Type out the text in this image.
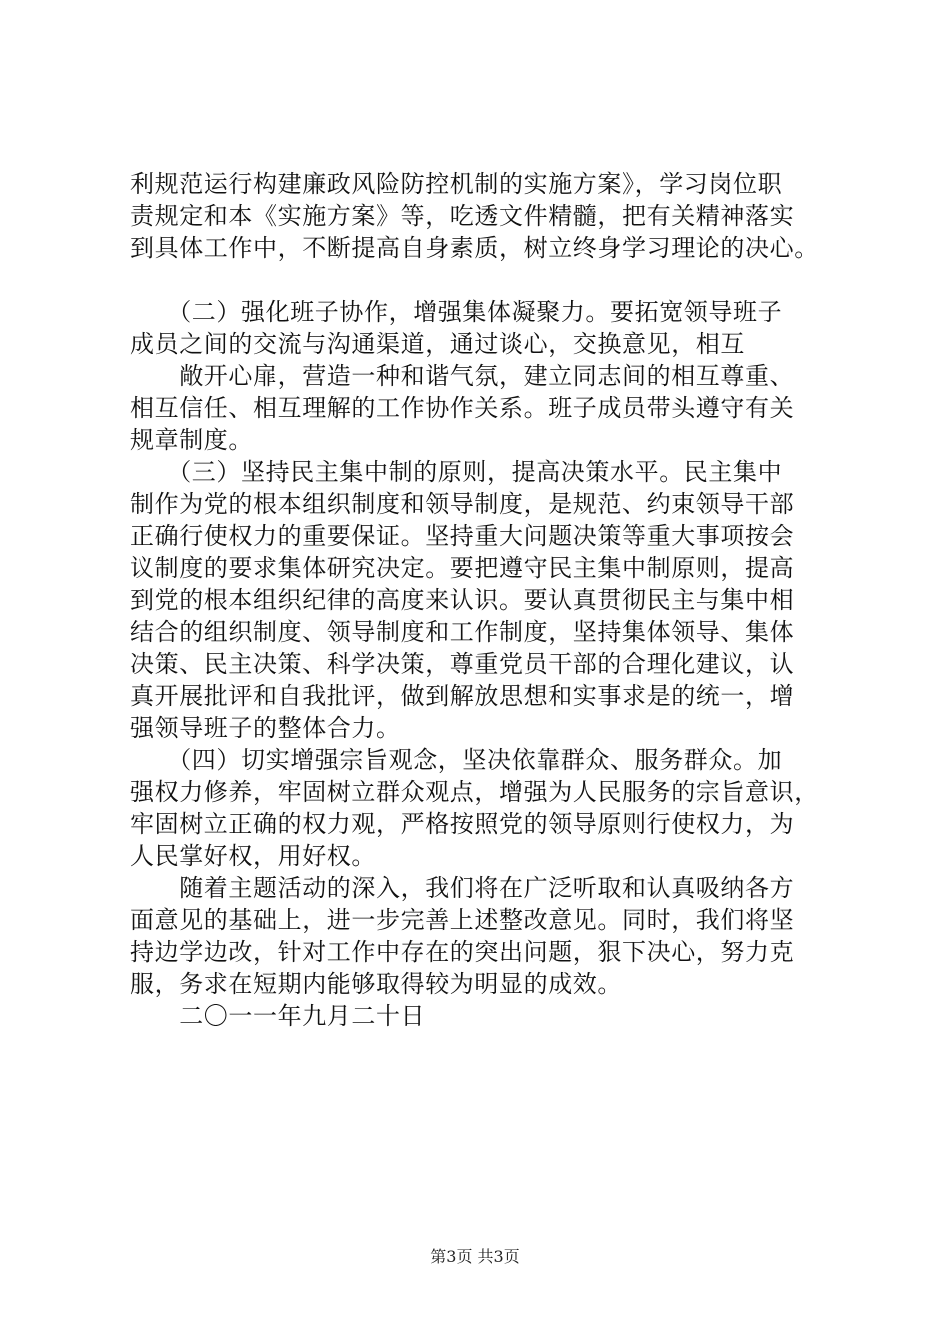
利规范运行构建廉政风险防控机制的实施方案》，学习岗位职
责规定和本《实施方案》等，吃透文件精髓，把有关精神落实
到具体工作中，不断提高自身素质，树立终身学习理论的决心。
　　（二）强化班子协作，增强集体凝聚力。要拓宽领导班子
成员之间的交流与沟通渠道，通过谈心，交换意见，相互
　　敞开心扉，营造一种和谐气氛，建立同志间的相互尊重、
相互信任、相互理解的工作协作关系。班子成员带头遵守有关
规章制度。
　　（三）坚持民主集中制的原则，提高决策水平。民主集中
制作为党的根本组织制度和领导制度，是规范、约束领导干部
正确行使权力的重要保证。坚持重大问题决策等重大事项按会
议制度的要求集体研究决定。要把遵守民主集中制原则，提高
到党的根本组织纪律的高度来认识。要认真贯彻民主与集中相
结合的组织制度、领导制度和工作制度，坚持集体领导、集体
决策、民主决策、科学决策，尊重党员干部的合理化建议，认
真开展批评和自我批评，做到解放思想和实事求是的统一，增
强领导班子的整体合力。
　　（四）切实增强宗旨观念，坚决依靠群众、服务群众。加
强权力修养，牢固树立群众观点，增强为人民服务的宗旨意识，
牢固树立正确的权力观，严格按照党的领导原则行使权力，为
人民掌好权，用好权。
　　随着主题活动的深入，我们将在广泛听取和认真吸纳各方
面意见的基础上，进一步完善上述整改意见。同时，我们将坚
持边学边改，针对工作中存在的突出问题，狠下决心，努力克
服，务求在短期内能够取得较为明显的成效。
　　二〇一一年九月二十日
第3页 共3页
